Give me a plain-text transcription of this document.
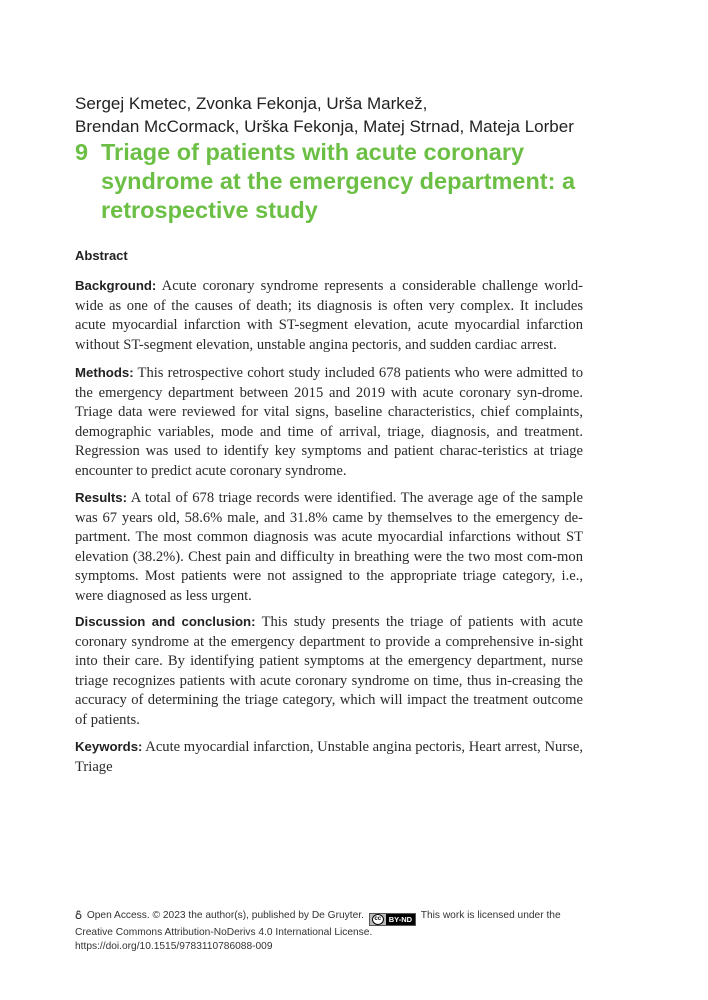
Sergej Kmetec, Zvonka Fekonja, Urša Markež,
Brendan McCormack, Urška Fekonja, Matej Strnad, Mateja Lorber
9 Triage of patients with acute coronary syndrome at the emergency department: a retrospective study
Abstract
Background: Acute coronary syndrome represents a considerable challenge world-wide as one of the causes of death; its diagnosis is often very complex. It includes acute myocardial infarction with ST-segment elevation, acute myocardial infarction without ST-segment elevation, unstable angina pectoris, and sudden cardiac arrest.
Methods: This retrospective cohort study included 678 patients who were admitted to the emergency department between 2015 and 2019 with acute coronary syn-drome. Triage data were reviewed for vital signs, baseline characteristics, chief complaints, demographic variables, mode and time of arrival, triage, diagnosis, and treatment. Regression was used to identify key symptoms and patient charac-teristics at triage encounter to predict acute coronary syndrome.
Results: A total of 678 triage records were identified. The average age of the sample was 67 years old, 58.6% male, and 31.8% came by themselves to the emergency de-partment. The most common diagnosis was acute myocardial infarctions without ST elevation (38.2%). Chest pain and difficulty in breathing were the two most com-mon symptoms. Most patients were not assigned to the appropriate triage category, i.e., were diagnosed as less urgent.
Discussion and conclusion: This study presents the triage of patients with acute coronary syndrome at the emergency department to provide a comprehensive in-sight into their care. By identifying patient symptoms at the emergency department, nurse triage recognizes patients with acute coronary syndrome on time, thus in-creasing the accuracy of determining the triage category, which will impact the treatment outcome of patients.
Keywords: Acute myocardial infarction, Unstable angina pectoris, Heart arrest, Nurse, Triage
Open Access. © 2023 the author(s), published by De Gruyter.	cc	BY-ND This work is licensed under the Creative Commons Attribution-NoDerivs 4.0 International License.
https://doi.org/10.1515/9783110786088-009
